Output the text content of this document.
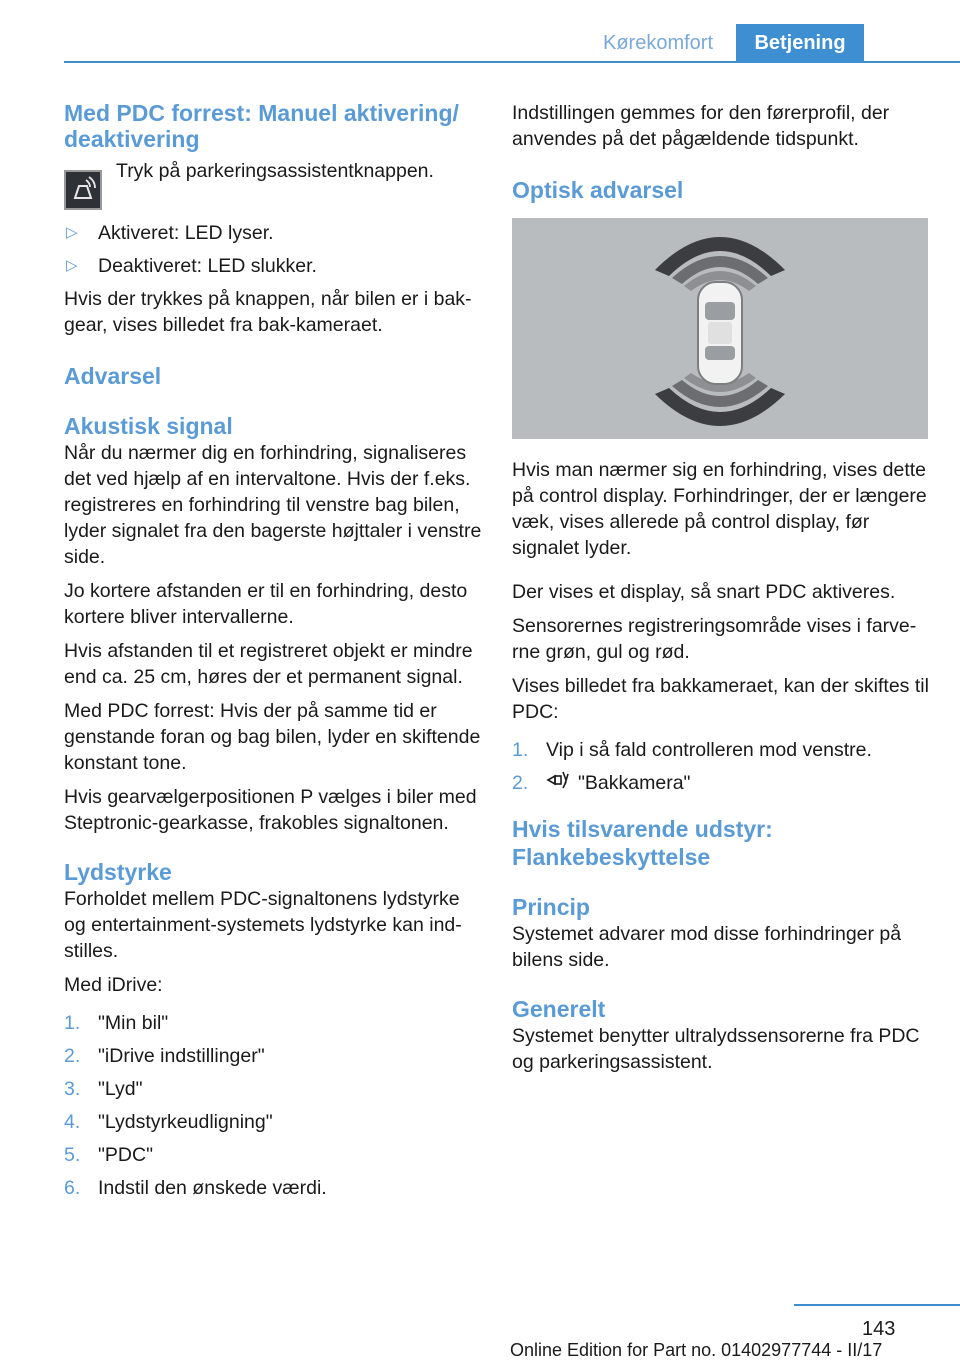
Kørekomfort	Betjening
Med PDC forrest: Manuel aktivering/ deaktivering

Tryk på parkeringsassistentknappen.

▷ Aktiveret: LED lyser.
▷ Deaktiveret: LED slukker.

Hvis der trykkes på knappen, når bilen er i bakgear, vises billedet fra bak-kameraet.

Advarsel
Akustisk signal

Når du nærmer dig en forhindring, signaliseres det ved hjælp af en intervaltone. Hvis der f.eks. registreres en forhindring til venstre bag bilen, lyder signalet fra den bagerste højttaler i venstre side.

Jo kortere afstanden er til en forhindring, desto kortere bliver intervallerne.

Hvis afstanden til et registreret objekt er mindre end ca. 25 cm, høres der et permanent signal.

Med PDC forrest: Hvis der på samme tid er genstande foran og bag bilen, lyder en skiftende konstant tone.

Hvis gearvælgerpositionen P vælges i biler med Steptronic-gearkasse, frakobles signaltonen.

Lydstyrke

Forholdet mellem PDC-signaltonens lydstyrke og entertainment-systemets lydstyrke kan indstilles.

Med iDrive:

1. "Min bil"
2. "iDrive indstillinger"
3. "Lyd"
4. "Lydstyrkeudligning"
5. "PDC"
6. Indstil den ønskede værdi.

Indstillingen gemmes for den førerprofil, der anvendes på det pågældende tidspunkt.

Optisk advarsel

Hvis man nærmer sig en forhindring, vises dette på control display. Forhindringer, der er længere væk, vises allerede på control display, før signalet lyder.

Der vises et display, så snart PDC aktiveres.

Sensorernes registreringsområde vises i farverne grøn, gul og rød.

Vises billedet fra bakkameraet, kan der skiftes til PDC:

1. Vip i så fald controlleren mod venstre.
2.	"Bakkamera"
Hvis tilsvarende udstyr: Flankebeskyttelse
Princip

Systemet advarer mod disse forhindringer på bilens side.

Generelt

Systemet benytter ultralydssensorerne fra PDC og parkeringsassistent.

143
Online Edition for Part no. 01402977744 - II/17
